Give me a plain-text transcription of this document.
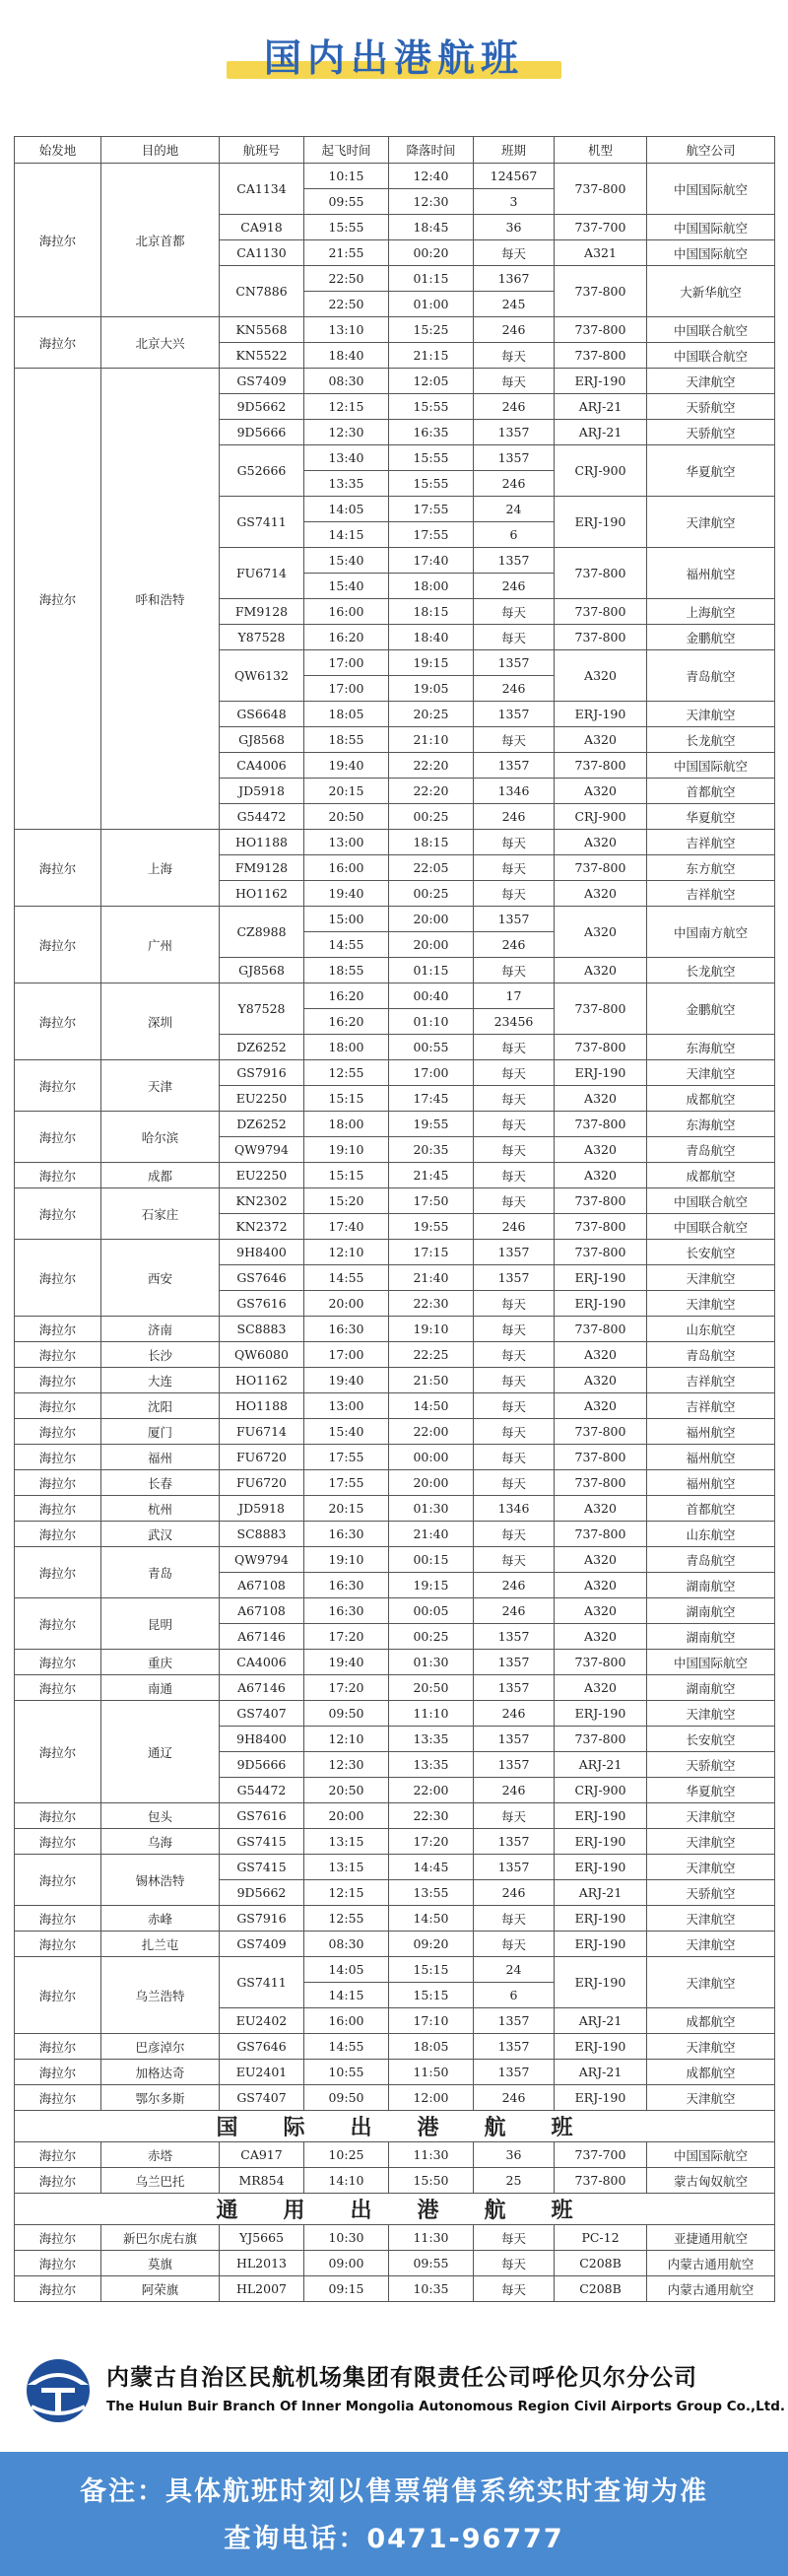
国内出港航班
始发地	目的地	航班号	起飞时间	降落时间	班期	机型	航空公司
海拉尔	北京首都	CA1134	10:15	12:40	124567	737-800	中国国际航空
			09:55	12:30	3		
		CA918	15:55	18:45	36	737-700	中国国际航空
		CA1130	21:55	00:20	每天	A321	中国国际航空
		CN7886	22:50	01:15	1367	737-800	大新华航空
			22:50	01:00	245		
海拉尔	北京大兴	KN5568	13:10	15:25	246	737-800	中国联合航空
		KN5522	18:40	21:15	每天	737-800	中国联合航空
海拉尔	呼和浩特	GS7409	08:30	12:05	每天	ERJ-190	天津航空
		9D5662	12:15	15:55	246	ARJ-21	天骄航空
		9D5666	12:30	16:35	1357	ARJ-21	天骄航空
		G52666	13:40	15:55	1357	CRJ-900	华夏航空
			13:35	15:55	246		
		GS7411	14:05	17:55	24	ERJ-190	天津航空
			14:15	17:55	6		
		FU6714	15:40	17:40	1357	737-800	福州航空
			15:40	18:00	246		
		FM9128	16:00	18:15	每天	737-800	上海航空
		Y87528	16:20	18:40	每天	737-800	金鹏航空
		QW6132	17:00	19:15	1357	A320	青岛航空
			17:00	19:05	246		
		GS6648	18:05	20:25	1357	ERJ-190	天津航空
		GJ8568	18:55	21:10	每天	A320	长龙航空
		CA4006	19:40	22:20	1357	737-800	中国国际航空
		JD5918	20:15	22:20	1346	A320	首都航空
		G54472	20:50	00:25	246	CRJ-900	华夏航空
海拉尔	上海	HO1188	13:00	18:15	每天	A320	吉祥航空
		FM9128	16:00	22:05	每天	737-800	东方航空
		HO1162	19:40	00:25	每天	A320	吉祥航空
海拉尔	广州	CZ8988	15:00	20:00	1357	A320	中国南方航空
			14:55	20:00	246		
		GJ8568	18:55	01:15	每天	A320	长龙航空
海拉尔	深圳	Y87528	16:20	00:40	17	737-800	金鹏航空
			16:20	01:10	23456		
		DZ6252	18:00	00:55	每天	737-800	东海航空
海拉尔	天津	GS7916	12:55	17:00	每天	ERJ-190	天津航空
		EU2250	15:15	17:45	每天	A320	成都航空
海拉尔	哈尔滨	DZ6252	18:00	19:55	每天	737-800	东海航空
		QW9794	19:10	20:35	每天	A320	青岛航空
海拉尔	成都	EU2250	15:15	21:45	每天	A320	成都航空
海拉尔	石家庄	KN2302	15:20	17:50	每天	737-800	中国联合航空
		KN2372	17:40	19:55	246	737-800	中国联合航空
海拉尔	西安	9H8400	12:10	17:15	1357	737-800	长安航空
		GS7646	14:55	21:40	1357	ERJ-190	天津航空
		GS7616	20:00	22:30	每天	ERJ-190	天津航空
海拉尔	济南	SC8883	16:30	19:10	每天	737-800	山东航空
海拉尔	长沙	QW6080	17:00	22:25	每天	A320	青岛航空
海拉尔	大连	HO1162	19:40	21:50	每天	A320	吉祥航空
海拉尔	沈阳	HO1188	13:00	14:50	每天	A320	吉祥航空
海拉尔	厦门	FU6714	15:40	22:00	每天	737-800	福州航空
海拉尔	福州	FU6720	17:55	00:00	每天	737-800	福州航空
海拉尔	长春	FU6720	17:55	20:00	每天	737-800	福州航空
海拉尔	杭州	JD5918	20:15	01:30	1346	A320	首都航空
海拉尔	武汉	SC8883	16:30	21:40	每天	737-800	山东航空
海拉尔	青岛	QW9794	19:10	00:15	每天	A320	青岛航空
		A67108	16:30	19:15	246	A320	湖南航空
海拉尔	昆明	A67108	16:30	00:05	246	A320	湖南航空
		A67146	17:20	00:25	1357	A320	湖南航空
海拉尔	重庆	CA4006	19:40	01:30	1357	737-800	中国国际航空
海拉尔	南通	A67146	17:20	20:50	1357	A320	湖南航空
海拉尔	通辽	GS7407	09:50	11:10	246	ERJ-190	天津航空
		9H8400	12:10	13:35	1357	737-800	长安航空
		9D5666	12:30	13:35	1357	ARJ-21	天骄航空
		G54472	20:50	22:00	246	CRJ-900	华夏航空
海拉尔	包头	GS7616	20:00	22:30	每天	ERJ-190	天津航空
海拉尔	乌海	GS7415	13:15	17:20	1357	ERJ-190	天津航空
海拉尔	锡林浩特	GS7415	13:15	14:45	1357	ERJ-190	天津航空
		9D5662	12:15	13:55	246	ARJ-21	天骄航空
海拉尔	赤峰	GS7916	12:55	14:50	每天	ERJ-190	天津航空
海拉尔	扎兰屯	GS7409	08:30	09:20	每天	ERJ-190	天津航空
海拉尔	乌兰浩特	GS7411	14:05	15:15	24	ERJ-190	天津航空
			14:15	15:15	6		
		EU2402	16:00	17:10	1357	ARJ-21	成都航空
海拉尔	巴彦淖尔	GS7646	14:55	18:05	1357	ERJ-190	天津航空
海拉尔	加格达奇	EU2401	10:55	11:50	1357	ARJ-21	成都航空
海拉尔	鄂尔多斯	GS7407	09:50	12:00	246	ERJ-190	天津航空
国际出港航班							
海拉尔	赤塔	CA917	10:25	11:30	36	737-700	中国国际航空
海拉尔	乌兰巴托	MR854	14:10	15:50	25	737-800	蒙古匈奴航空
通用出港航班							
海拉尔	新巴尔虎右旗	YJ5665	10:30	11:30	每天	PC-12	亚捷通用航空
海拉尔	莫旗	HL2013	09:00	09:55	每天	C208B	内蒙古通用航空
海拉尔	阿荣旗	HL2007	09:15	10:35	每天	C208B	内蒙古通用航空
内蒙古自治区民航机场集团有限责任公司呼伦贝尔分公司
The Hulun Buir Branch Of Inner Mongolia Autonomous Region Civil Airports Group Co.,Ltd.
备注：具体航班时刻以售票销售系统实时查询为准
查询电话：0471-96777
